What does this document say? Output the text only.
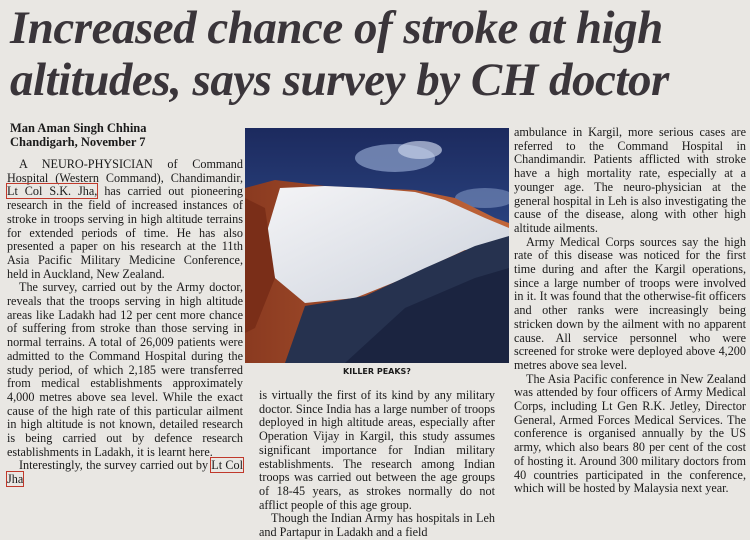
Increased chance of stroke at high altitudes, says survey by CH doctor
Man Aman Singh Chhina
Chandigarh, November 7

A NEURO-PHYSICIAN of Command Hospital (Western Command), Chandimandir, Lt Col S.K. Jha, has carried out pioneering research in the field of increased instances of stroke in troops serving in high altitude terrains for extended periods of time. He has also presented a paper on his research at the 11th Asia Pacific Military Medicine Conference, held in Auckland, New Zealand.

The survey, carried out by the Army doctor, reveals that the troops serving in high altitude areas like Ladakh had 12 per cent more chance of suffering from stroke than those serving in normal terrains. A total of 26,009 patients were admitted to the Command Hospital during the study period, of which 2,185 were transferred from medical establishments approximately 4,000 metres above sea level. While the exact cause of the high rate of this particular ailment in high altitude is not known, detailed research is being carried out by defence research establishments in Ladakh, it is learnt here.

Interestingly, the survey carried out by Lt Col Jha

KILLER PEAKS?

is virtually the first of its kind by any military doctor. Since India has a large number of troops deployed in high altitude areas, especially after Operation Vijay in Kargil, this study assumes significant importance for Indian military establishments. The research among Indian troops was carried out between the age groups of 18-45 years, as strokes normally do not afflict people of this age group.

Though the Indian Army has hospitals in Leh and Partapur in Ladakh and a field

ambulance in Kargil, more serious cases are referred to the Command Hospital in Chandimandir. Patients afflicted with stroke have a high mortality rate, especially at a younger age. The neuro-physician at the general hospital in Leh is also investigating the cause of the disease, along with other high altitude ailments.

Army Medical Corps sources say the high rate of this disease was noticed for the first time during and after the Kargil operations, since a large number of troops were involved in it. It was found that the otherwise-fit officers and other ranks were increasingly being stricken down by the ailment with no apparent cause. All service personnel who were screened for stroke were deployed above 4,200 metres above sea level.

The Asia Pacific conference in New Zealand was attended by four officers of Army Medical Corps, including Lt Gen R.K. Jetley, Director General, Armed Forces Medical Services. The conference is organised annually by the US army, which also bears 80 per cent of the cost of hosting it. Around 300 military doctors from 40 countries participated in the conference, which will be hosted by Malaysia next year.
